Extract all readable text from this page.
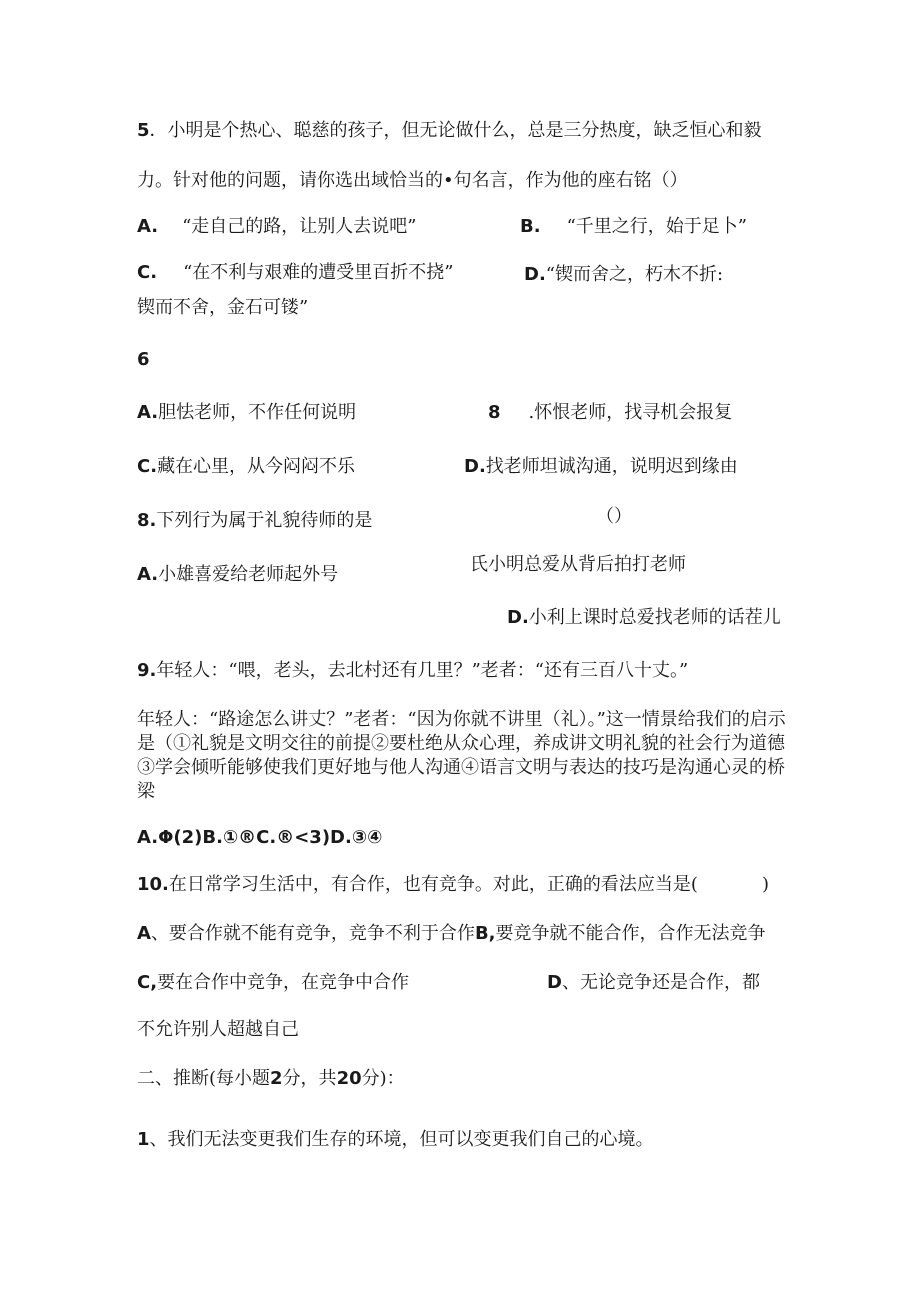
5．小明是个热心、聪慈的孩子，但无论做什么，总是三分热度，缺乏恒心和毅
力。针对他的问题，请你选出域恰当的•句名言，作为他的座右铭（）
A. “走自己的路，让别人去说吧”	B. “千里之行，始于足卜”
C. “在不利与艰难的遭受里百折不挠”	D.“锲而舍之，朽木不折:
锲而不舍，金石可镂”
6
A.胆怯老师，不作任何说明	8 .怀恨老师，找寻机会报复
C.藏在心里，从今闷闷不乐	D.找老师坦诚沟通，说明迟到缘由
8.下列行为属于礼貌待师的是	（）
A.小雄喜爱给老师起外号	氏小明总爱从背后拍打老师
D.小利上课时总爱找老师的话茬儿
9.年轻人：“喂，老头，去北村还有几里？”老者：“还有三百八十丈。”
年轻人：“路途怎么讲丈？”老者：“因为你就不讲里（礼）。”这一情景给我们的启示是（①礼貌是文明交往的前提②要杜绝从众心理，养成讲文明礼貌的社会行为道德③学会倾听能够使我们更好地与他人沟通④语言文明与表达的技巧是沟通心灵的桥梁
A.Φ(2)B.①®C.®<3)D.③④
10.在日常学习生活中，有合作，也有竞争。对此，正确的看法应当是(	)
A、要合作就不能有竞争，竞争不利于合作B,要竞争就不能合作，合作无法竞争
C,要在合作中竞争，在竞争中合作	D、无论竞争还是合作，都
不允许别人超越自己
二、推断(每小题2分，共20分)：
1、我们无法变更我们生存的环境，但可以变更我们自己的心境。
